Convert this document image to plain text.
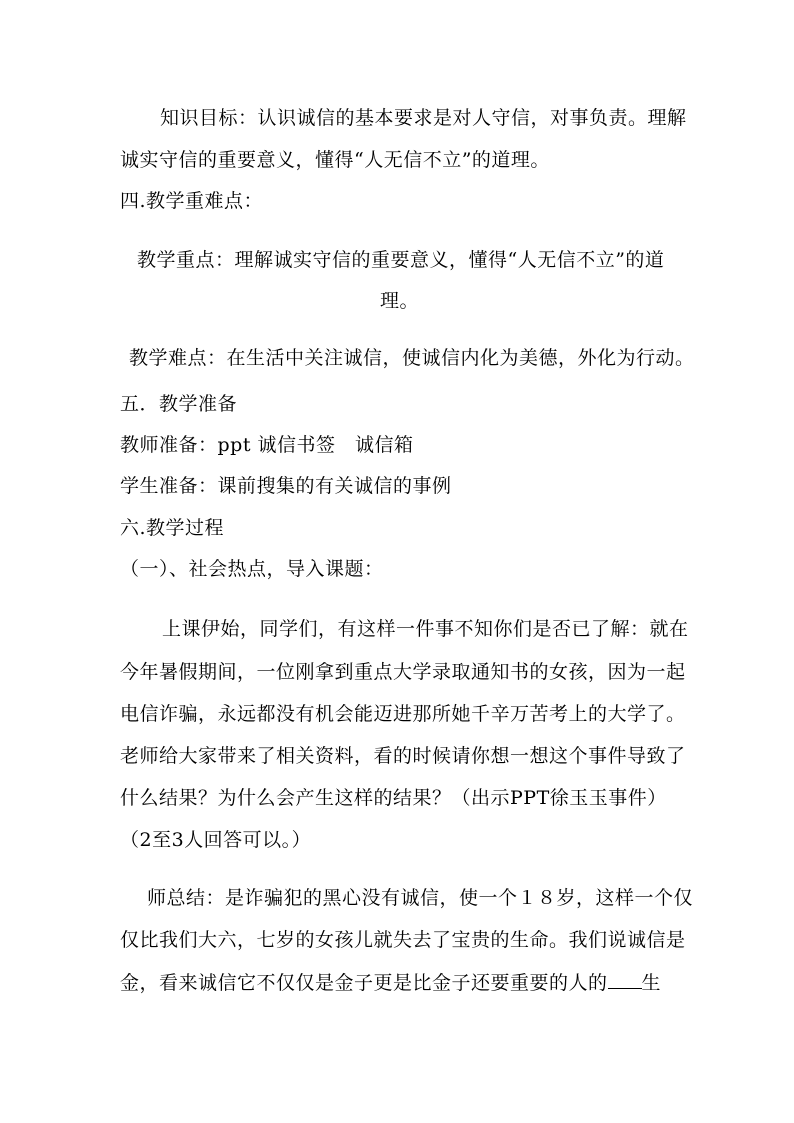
知识目标：认识诚信的基本要求是对人守信，对事负责。理解
诚实守信的重要意义，懂得“人无信不立”的道理。
四.教学重难点：
教学重点：理解诚实守信的重要意义，懂得“人无信不立”的道
理。
教学难点：在生活中关注诚信，使诚信内化为美德，外化为行动。
五．教学准备
教师准备：ppt 诚信书签　诚信箱
学生准备：课前搜集的有关诚信的事例
六.教学过程
（一）、社会热点，导入课题：
上课伊始，同学们，有这样一件事不知你们是否已了解：就在
今年暑假期间，一位刚拿到重点大学录取通知书的女孩，因为一起
电信诈骗，永远都没有机会能迈进那所她千辛万苦考上的大学了。
老师给大家带来了相关资料，看的时候请你想一想这个事件导致了
什么结果？为什么会产生这样的结果？（出示PPT徐玉玉事件）
（2至3人回答可以。）
师总结：是诈骗犯的黑心没有诚信，使一个１８岁，这样一个仅
仅比我们大六，七岁的女孩儿就失去了宝贵的生命。我们说诚信是
金，看来诚信它不仅仅是金子更是比金子还要重要的人的 生
